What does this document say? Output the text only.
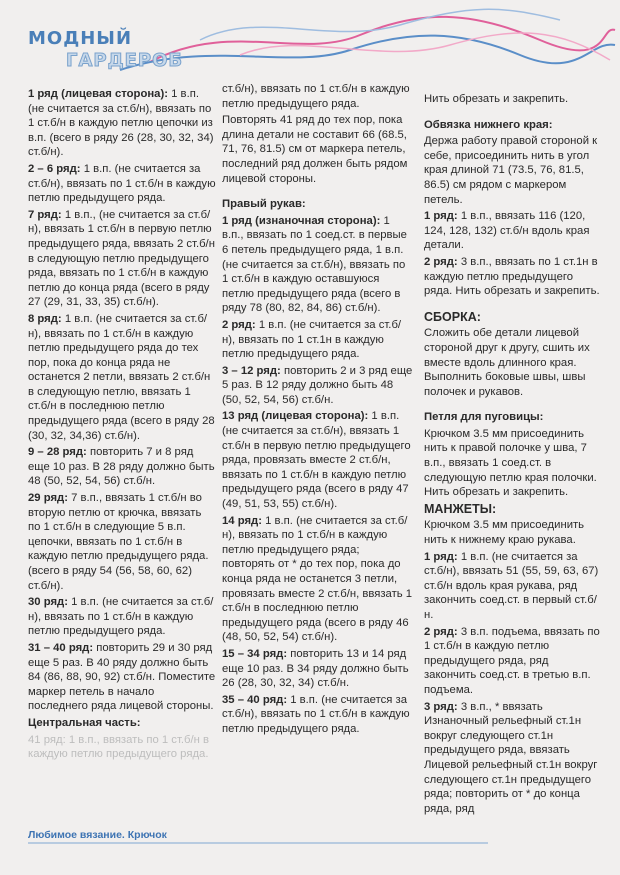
МОДНЫЙ
ГАРДЕРОБ

1 ряд (лицевая сторона): 1 в.п. (не считается за ст.б/н), ввязать по 1 ст.б/н в каждую петлю цепочки из в.п. (всего в ряду 26 (28, 30, 32, 34) ст.б/н).

2 – 6 ряд: 1 в.п. (не считается за ст.б/н), ввязать по 1 ст.б/н в каждую петлю предыдущего ряда.

7 ряд: 1 в.п., (не считается за ст.б/н), ввязать 1 ст.б/н в первую петлю предыдущего ряда, ввязать 2 ст.б/н в следующую петлю предыдущего ряда, ввязать по 1 ст.б/н в каждую петлю до конца ряда (всего в ряду 27 (29, 31, 33, 35) ст.б/н).

8 ряд: 1 в.п. (не считается за ст.б/н), ввязать по 1 ст.б/н в каждую петлю предыдущего ряда до тех пор, пока до конца ряда не останется 2 петли, ввязать 2 ст.б/н в следующую петлю, ввязать 1 ст.б/н в последнюю петлю предыдущего ряда (всего в ряду 28 (30, 32, 34,36) ст.б/н).

9 – 28 ряд: повторить 7 и 8 ряд еще 10 раз. В 28 ряду должно быть 48 (50, 52, 54, 56) ст.б/н.

29 ряд: 7 в.п., ввязать 1 ст.б/н во вторую петлю от крючка, ввязать по 1 ст.б/н в следующие 5 в.п. цепочки, ввязать по 1 ст.б/н в каждую петлю предыдущего ряда. (всего в ряду 54 (56, 58, 60, 62) ст.б/н).

30 ряд: 1 в.п. (не считается за ст.б/н), ввязать по 1 ст.б/н в каждую петлю предыдущего ряда.

31 – 40 ряд: повторить 29 и 30 ряд еще 5 раз. В 40 ряду должно быть 84 (86, 88, 90, 92) ст.б/н. Поместите маркер петель в начало последнего ряда лицевой стороны.

Центральная часть:

41 ряд: 1 в.п., ввязать по 1 ст.б/н в каждую петлю предыдущего ряда.

ст.б/н), ввязать по 1 ст.б/н в каждую петлю предыдущего ряда.

Повторять 41 ряд до тех пор, пока длина детали не составит 66 (68.5, 71, 76, 81.5) см от маркера петель, последний ряд должен быть рядом лицевой стороны.

Правый рукав:

1 ряд (изнаночная сторона): 1 в.п., ввязать по 1 соед.ст. в первые 6 петель предыдущего ряда, 1 в.п. (не считается за ст.б/н), ввязать по 1 ст.б/н в каждую оставшуюся петлю предыдущего ряда (всего в ряду 78 (80, 82, 84, 86) ст.б/н).

2 ряд: 1 в.п. (не считается за ст.б/н), ввязать по 1 ст.1н в каждую петлю предыдущего ряда.

3 – 12 ряд: повторить 2 и 3 ряд еще 5 раз. В 12 ряду должно быть 48 (50, 52, 54, 56) ст.б/н.

13 ряд (лицевая сторона): 1 в.п. (не считается за ст.б/н), ввязать 1 ст.б/н в первую петлю предыдущего ряда, провязать вместе 2 ст.б/н, ввязать по 1 ст.б/н в каждую петлю предыдущего ряда (всего в ряду 47 (49, 51, 53, 55) ст.б/н).

14 ряд: 1 в.п. (не считается за ст.б/н), ввязать по 1 ст.б/н в каждую петлю предыдущего ряда; повторять от * до тех пор, пока до конца ряда не останется 3 петли, провязать вместе 2 ст.б/н, ввязать 1 ст.б/н в последнюю петлю предыдущего ряда (всего в ряду 46 (48, 50, 52, 54) ст.б/н).

15 – 34 ряд: повторить 13 и 14 ряд еще 10 раз. В 34 ряду должно быть 26 (28, 30, 32, 34) ст.б/н.

35 – 40 ряд: 1 в.п. (не считается за ст.б/н), ввязать по 1 ст.б/н в каждую петлю предыдущего ряда.

Нить обрезать и закрепить.

Обвязка нижнего края:

Держа работу правой стороной к себе, присоединить нить в угол края длиной 71 (73.5, 76, 81.5, 86.5) см рядом с маркером петель.

1 ряд: 1 в.п., ввязать 116 (120, 124, 128, 132) ст.б/н вдоль края детали.

2 ряд: 3 в.п., ввязать по 1 ст.1н в каждую петлю предыдущего ряда. Нить обрезать и закрепить.

СБОРКА:

Сложить обе детали лицевой стороной друг к другу, сшить их вместе вдоль длинного края. Выполнить боковые швы, швы полочек и рукавов.

Петля для пуговицы:

Крючком 3.5 мм присоединить нить к правой полочке у шва, 7 в.п., ввязать 1 соед.ст. в следующую петлю края полочки. Нить обрезать и закрепить.

МАНЖЕТЫ:

Крючком 3.5 мм присоединить нить к нижнему краю рукава.

1 ряд: 1 в.п. (не считается за ст.б/н), ввязать 51 (55, 59, 63, 67) ст.б/н вдоль края рукава, ряд закончить соед.ст. в первый ст.б/н.

2 ряд: 3 в.п. подъема, ввязать по 1 ст.б/н в каждую петлю предыдущего ряда, ряд закончить соед.ст. в третью в.п. подъема.

3 ряд: 3 в.п., * ввязать Изнаночный рельефный ст.1н вокруг следующего ст.1н предыдущего ряда, ввязать Лицевой рельефный ст.1н вокруг следующего ст.1н предыдущего ряда; повторить от * до конца ряда, ряд

Любимое вязание. Крючок
